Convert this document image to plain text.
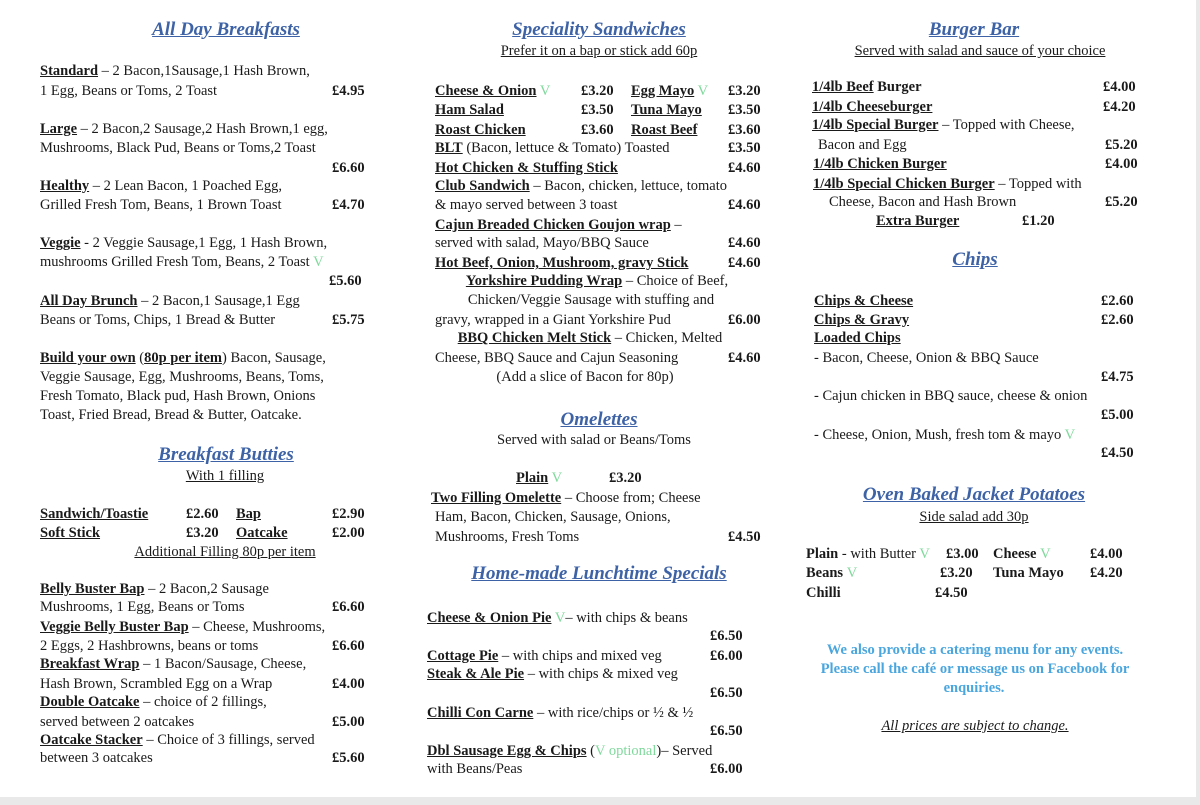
All Day Breakfasts
Standard – 2 Bacon,1Sausage,1 Hash Brown,
1 Egg, Beans or Toms, 2 Toast	£4.95
Large – 2 Bacon,2 Sausage,2 Hash Brown,1 egg,
Mushrooms, Black Pud, Beans or Toms,2 Toast
£6.60
Healthy – 2 Lean Bacon, 1 Poached Egg,
Grilled Fresh Tom, Beans, 1 Brown Toast	£4.70
Veggie - 2 Veggie Sausage,1 Egg, 1 Hash Brown,
mushrooms Grilled Fresh Tom, Beans, 2 Toast V
£5.60
All Day Brunch – 2 Bacon,1 Sausage,1 Egg
Beans or Toms, Chips, 1 Bread & Butter	£5.75
Build your own (80p per item) Bacon, Sausage,
Veggie Sausage, Egg, Mushrooms, Beans, Toms,
Fresh Tomato, Black pud, Hash Brown, Onions
Toast, Fried Bread, Bread & Butter, Oatcake.
Breakfast Butties
With 1 filling
Sandwich/Toastie	£2.60 Bap	£2.90
Soft Stick	£3.20 Oatcake	£2.00
Additional Filling 80p per item
Belly Buster Bap – 2 Bacon,2 Sausage
Mushrooms, 1 Egg, Beans or Toms	£6.60
Veggie Belly Buster Bap – Cheese, Mushrooms,
2 Eggs, 2 Hashbrowns, beans or toms	£6.60
Breakfast Wrap – 1 Bacon/Sausage, Cheese,
Hash Brown, Scrambled Egg on a Wrap	£4.00
Double Oatcake – choice of 2 fillings,
served between 2 oatcakes	£5.00
Oatcake Stacker – Choice of 3 fillings, served
between 3 oatcakes	£5.60
Speciality Sandwiches
Prefer it on a bap or stick add 60p
Cheese & Onion V £3.20 Egg Mayo V £3.20
Ham Salad	£3.50 Tuna Mayo £3.50
Roast Chicken	£3.60 Roast Beef £3.60
BLT (Bacon, lettuce & Tomato) Toasted	£3.50
Hot Chicken & Stuffing Stick	£4.60
Club Sandwich – Bacon, chicken, lettuce, tomato
& mayo served between 3 toast	£4.60
Cajun Breaded Chicken Goujon wrap –
served with salad, Mayo/BBQ Sauce	£4.60
Hot Beef, Onion, Mushroom, gravy Stick	£4.60
Yorkshire Pudding Wrap – Choice of Beef,
Chicken/Veggie Sausage with stuffing and
gravy, wrapped in a Giant Yorkshire Pud	£6.00
BBQ Chicken Melt Stick – Chicken, Melted
Cheese, BBQ Sauce and Cajun Seasoning	£4.60
(Add a slice of Bacon for 80p)
Omelettes
Served with salad or Beans/Toms
Plain V	£3.20
Two Filling Omelette – Choose from; Cheese
Ham, Bacon, Chicken, Sausage, Onions,
Mushrooms, Fresh Toms	£4.50
Home-made Lunchtime Specials
Cheese & Onion Pie V– with chips & beans
£6.50
Cottage Pie – with chips and mixed veg	£6.00
Steak & Ale Pie – with chips & mixed veg
£6.50
Chilli Con Carne – with rice/chips or ½ & ½
£6.50
Dbl Sausage Egg & Chips (V optional)– Served
with Beans/Peas	£6.00
Burger Bar
Served with salad and sauce of your choice
1/4lb Beef Burger	£4.00
1/4lb Cheeseburger	£4.20
1/4lb Special Burger – Topped with Cheese,
Bacon and Egg	£5.20
1/4lb Chicken Burger	£4.00
1/4lb Special Chicken Burger – Topped with
Cheese, Bacon and Hash Brown	£5.20
Extra Burger	£1.20
Chips
Chips & Cheese	£2.60
Chips & Gravy	£2.60
Loaded Chips
- Bacon, Cheese, Onion & BBQ Sauce
£4.75
- Cajun chicken in BBQ sauce, cheese & onion
£5.00
- Cheese, Onion, Mush, fresh tom & mayo V
£4.50
Oven Baked Jacket Potatoes
Side salad add 30p
Plain - with Butter V £3.00 Cheese V	£4.00
Beans V	£3.20 Tuna Mayo £4.20
Chilli	£4.50
We also provide a catering menu for any events.
Please call the café or message us on Facebook for
enquiries.
All prices are subject to change.
